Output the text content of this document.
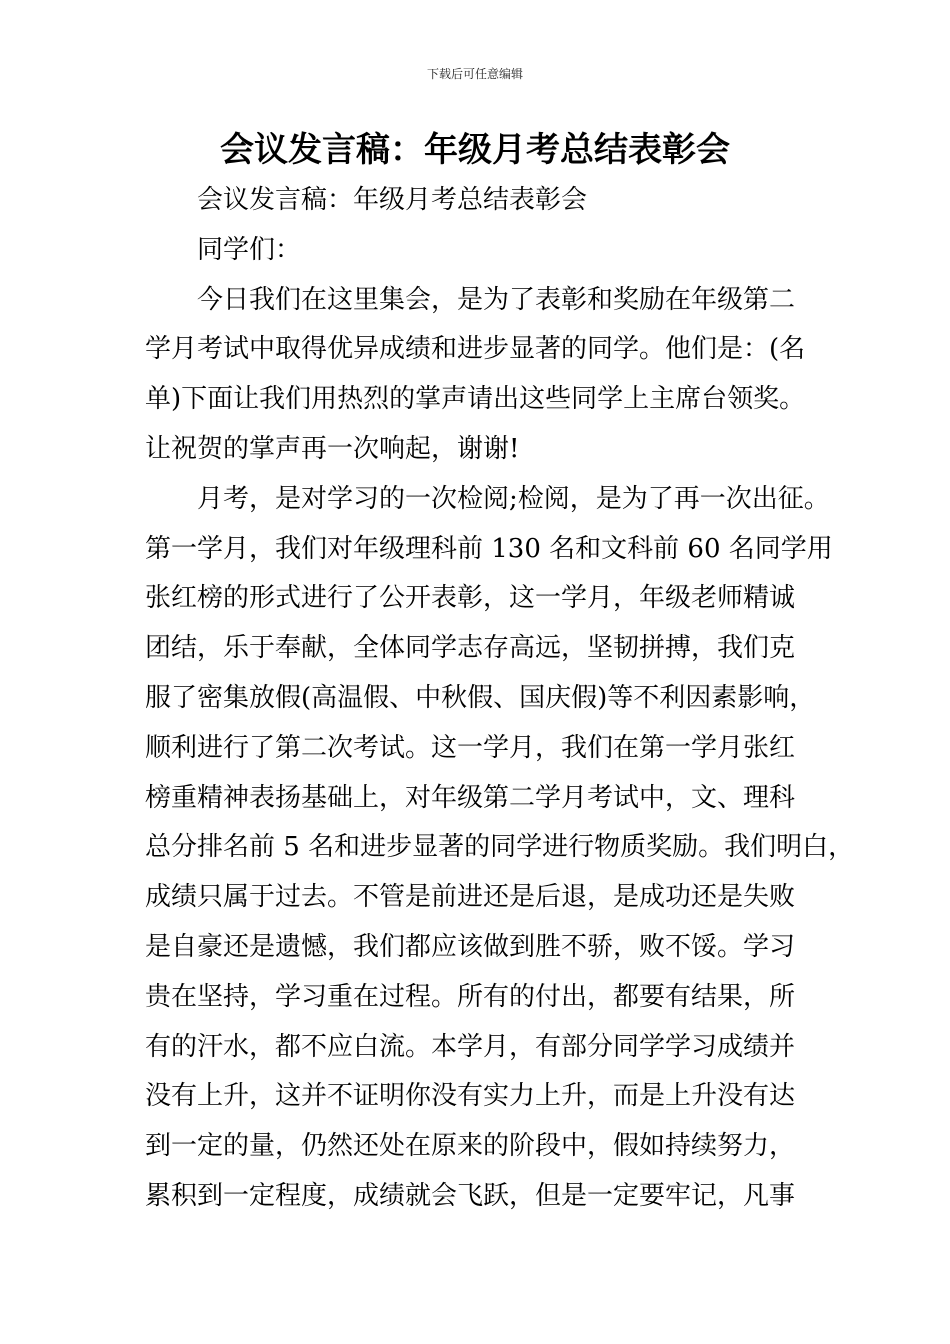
下载后可任意编辑
会议发言稿：年级月考总结表彰会

会议发言稿：年级月考总结表彰会

同学们：

今日我们在这里集会，是为了表彰和奖励在年级第二

学月考试中取得优异成绩和进步显著的同学。他们是：(名

单)下面让我们用热烈的掌声请出这些同学上主席台领奖。

让祝贺的掌声再一次响起，谢谢!

月考，是对学习的一次检阅;检阅，是为了再一次出征。

第一学月，我们对年级理科前 130 名和文科前 60 名同学用

张红榜的形式进行了公开表彰，这一学月，年级老师精诚

团结，乐于奉献，全体同学志存高远，坚韧拼搏，我们克

服了密集放假(高温假、中秋假、国庆假)等不利因素影响，

顺利进行了第二次考试。这一学月，我们在第一学月张红

榜重精神表扬基础上，对年级第二学月考试中，文、理科

总分排名前 5 名和进步显著的同学进行物质奖励。我们明白，

成绩只属于过去。不管是前进还是后退，是成功还是失败

是自豪还是遗憾，我们都应该做到胜不骄，败不馁。学习

贵在坚持，学习重在过程。所有的付出，都要有结果，所

有的汗水，都不应白流。本学月，有部分同学学习成绩并

没有上升，这并不证明你没有实力上升，而是上升没有达

到一定的量，仍然还处在原来的阶段中，假如持续努力，

累积到一定程度，成绩就会飞跃，但是一定要牢记，凡事
